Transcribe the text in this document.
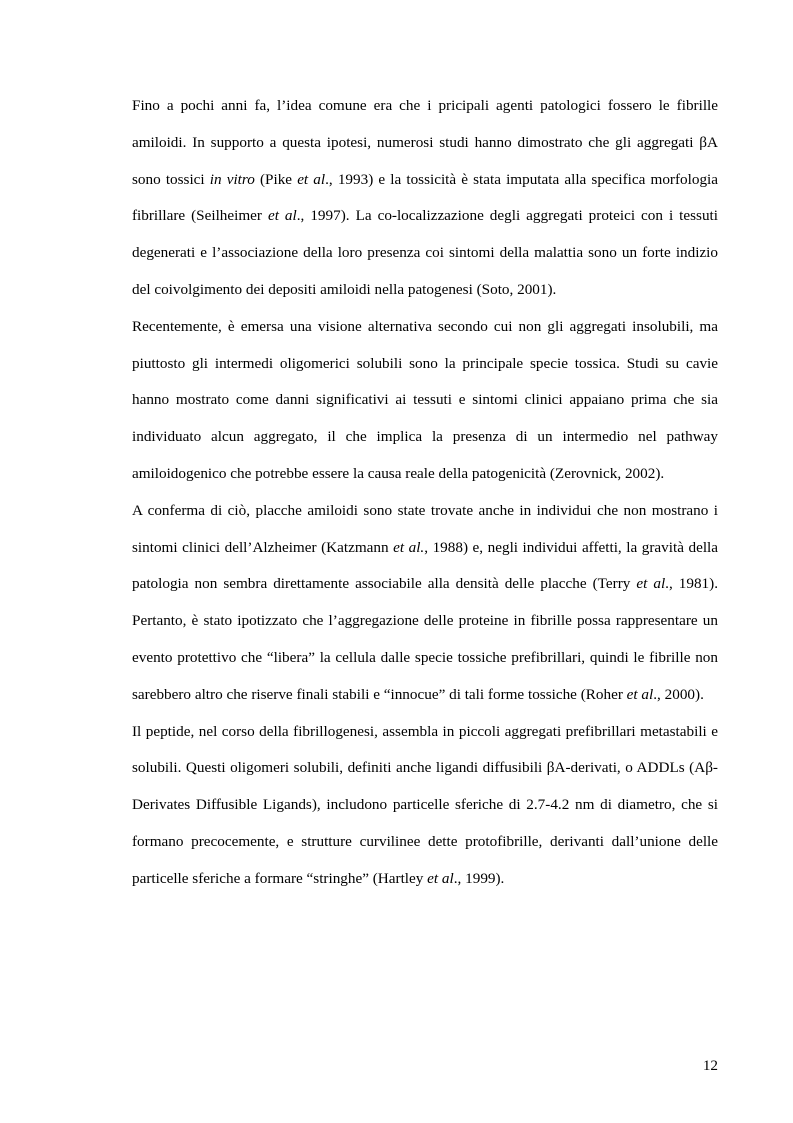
Fino a pochi anni fa, l’idea comune era che i pricipali agenti patologici fossero le fibrille amiloidi. In supporto a questa ipotesi, numerosi studi hanno dimostrato che gli aggregati βA sono tossici in vitro (Pike et al., 1993) e la tossicità è stata imputata alla specifica morfologia fibrillare (Seilheimer et al., 1997). La co-localizzazione degli aggregati proteici con i tessuti degenerati e l’associazione della loro presenza coi sintomi della malattia sono un forte indizio del coivolgimento dei depositi amiloidi nella patogenesi (Soto, 2001).

Recentemente, è emersa una visione alternativa secondo cui non gli aggregati insolubili, ma piuttosto gli intermedi oligomerici solubili sono la principale specie tossica. Studi su cavie hanno mostrato come danni significativi ai tessuti e sintomi clinici appaiano prima che sia individuato alcun aggregato, il che implica la presenza di un intermedio nel pathway amiloidogenico che potrebbe essere la causa reale della patogenicità (Zerovnick, 2002).

A conferma di ciò, placche amiloidi sono state trovate anche in individui che non mostrano i sintomi clinici dell’Alzheimer (Katzmann et al., 1988) e, negli individui affetti, la gravità della patologia non sembra direttamente associabile alla densità delle placche (Terry et al., 1981). Pertanto, è stato ipotizzato che l’aggregazione delle proteine in fibrille possa rappresentare un evento protettivo che “libera” la cellula dalle specie tossiche prefibrillari, quindi le fibrille non sarebbero altro che riserve finali stabili e “innocue” di tali forme tossiche (Roher et al., 2000).

Il peptide, nel corso della fibrillogenesi, assembla in piccoli aggregati prefibrillari metastabili e solubili. Questi oligomeri solubili, definiti anche ligandi diffusibili βA-derivati, o ADDLs (Aβ-Derivates Diffusible Ligands), includono particelle sferiche di 2.7-4.2 nm di diametro, che si formano precocemente, e strutture curvilinee dette protofibrille, derivanti dall’unione delle particelle sferiche a formare “stringhe” (Hartley et al., 1999).

12
